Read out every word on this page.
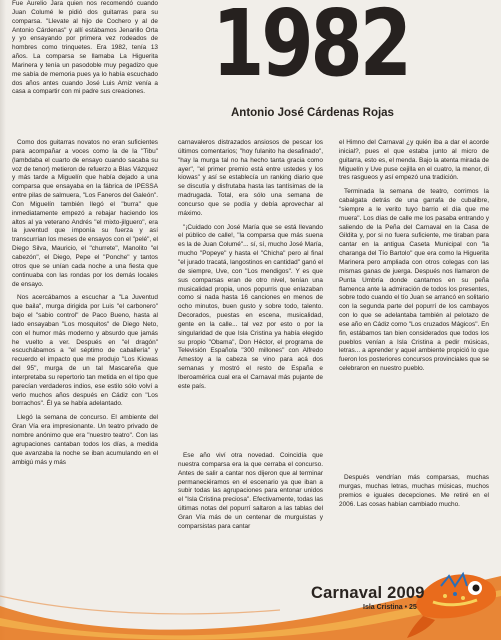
1982
Antonio José Cárdenas Rojas

Fue Aurelio Jara quien nos recomendó cuando Juan Columé le pidió dos guitarras para su comparsa. "Llevate al hijo de Cochero y al de Antonio Cárdenas" y allí estábamos Jenarillo Orta y yo ensayando por primera vez rodeados de hombres como trinquetes. Era 1982, tenía 13 años. La comparsa se llamaba La Higuerita Marinera y tenía un pasodoble muy pegadizo que me sabía de memoria pues ya lo había escuchado dos años antes cuando José Luis Arniz venía a casa a compartir con mi padre sus creaciones.

Como dos guitarras novatos no eran suficientes para acompañar a voces como la de la "Tibu" (lambdaba el cuarto de ensayo cuando sacaba su voz de tenor) metieron de refuerzo a Blas Vázquez y más tarde a Miguelín que había dejado a una comparsa que ensayaba en la fábrica de IPESSA entre pilas de salmuera, "Los Faneros del Galeón". Con Miguelín también llegó el "burra" que inmediatamente empezó a rebajar haciendo los altos al ya veterano Andrés "el mixto-jilguero", era la juventud que imponía su fuerza y así transcurrían los meses de ensayos con el "pelé", el Diego Silva, Mauricio, el "churrete", Manolito "el cabezón", el Diego, Pepe el "Ponche" y tantos otros que se unían cada noche a una fiesta que continuaba con las rondas por los demás locales de ensayo.

Nos acercábamos a escuchar a "La Juventud que baila", murga dirigida por Luis "el carbonero" bajo el "sabio control" de Paco Bueno, hasta al lado ensayaban "Los mosquitos" de Diego Neto, con el humor más moderno y absurdo que jamás he vuelto a ver. Después en "el dragón" escuchábamos a "el séptimo de caballería" y recuerdo el impacto que me produjo "Los Kiowas del 95", murga de un tal Mascareña que interpretaba su repertorio tan metida en el tipo que parecían verdaderos indios, ese estilo sólo volví a verlo muchos años después en Cádiz con "Los borrachos". Él ya se había adelantado.

Llegó la semana de concurso. El ambiente del Gran Vía era impresionante. Un teatro privado de nombre anónimo que era "nuestro teatro". Con las agrupaciones cantaban todos los días, a medida que avanzaba la noche se iban acumulando en el ambigú más y más

carnavaleros distrazados ansiosos de pescar los últimos comentarios; "hoy fulanito ha desafinado", "hay la murga tal no ha hecho tanta gracia como ayer", "el primer premio está entre ustedes y los kiowas" y así se establecía un ranking diario que se discutía y disfrutaba hasta las tantísimas de la madrugada. Total, era sólo una semana de concurso que se podía y debía aprovechar al máximo.

"¡Cuidado con José María que se está llevando el público de calle!, "la comparsa que más suena es la de Juan Columé"... sí, sí, mucho José María, mucho "Popeye" y hasta el "Chicha" pero al final "el jurado tracatá, langostinos en cantidad" ganó el de siempre, Uve, con "Los mendigos". Y es que sus comparsas eran de otro nivel, tenían una musicalidad propia, unos popurris que enlazaban como si nada hasta 16 canciones en menos de ocho minutos, buen gusto y sobre todo, talento. Decorados, puestas en escena, musicalidad, gente en la calle... tal vez por esto o por la singularidad de que Isla Cristina ya había elegido su propio "Obama", Don Héctor, el programa de Televisión Española "300 millones" con Alfredo Amestoy a la cabeza se vino para acá dos semanas y mostró el resto de España e Iberoamérica cual era el Carnaval más pujante de este país.

Ese año viví otra novedad. Coincidía que nuestra comparsa era la que cerraba el concurso. Antes de salir a cantar nos dijeron que al terminar permaneciéramos en el escenario ya que iban a subir todas las agrupaciones para entonar unidos el "Isla Cristina preciosa". Efectivamente, todas las últimas notas del popurrí saltaron a las tablas del Gran Vía más de un centenar de murguistas y comparsistas para cantar

el Himno del Carnaval ¿y quién iba a dar el acorde inicial?, pues el que estaba junto al micro de guitarra, esto es, el menda. Bajo la atenta mirada de Miguelín y Uve puse cejilla en el cuatro, la menor, di tres rasgueos y así empezó una tradición.

Terminada la semana de teatro, corrimos la cabalgata detrás de una garrafa de cubalibre, "siempre a le verito tuyo barrio el día que me muera". Los días de calle me los pasaba entrando y saliendo de la Peña del Carnaval en la Casa de Gildita y, por si no fuera suficiente, me tiraban para cantar en la antigua Caseta Municipal con "la charanga del Tío Bartolo" que era como la Higuerita Marinera pero ampliada con otros colegas con las mismas ganas de juerga. Después nos llamaron de Punta Umbría donde cantamos en su peña flamenca ante la admiración de todos los presentes, sobre todo cuando el tío Juan se arrancó en solitario con la segunda parte del popurrí de los cambayos con lo que se adelantaba también al pelotazo de ese año en Cádiz como "Los cruzados Mágicos". En fin, estábamos tan bien considerados que todos los pueblos venían a Isla Cristina a pedir músicas, letras... a aprender y aquel ambiente propició lo que fueron los posteriores concursos provinciales que se celebraron en nuestro pueblo.

Después vendrían más comparsas, muchas murgas, muchas letras, muchas músicas, muchos premios e iguales decepciones. Me retiré en el 2006. Las cosas habían cambiado mucho.

Carnaval 2009
Isla Cristina • 25
